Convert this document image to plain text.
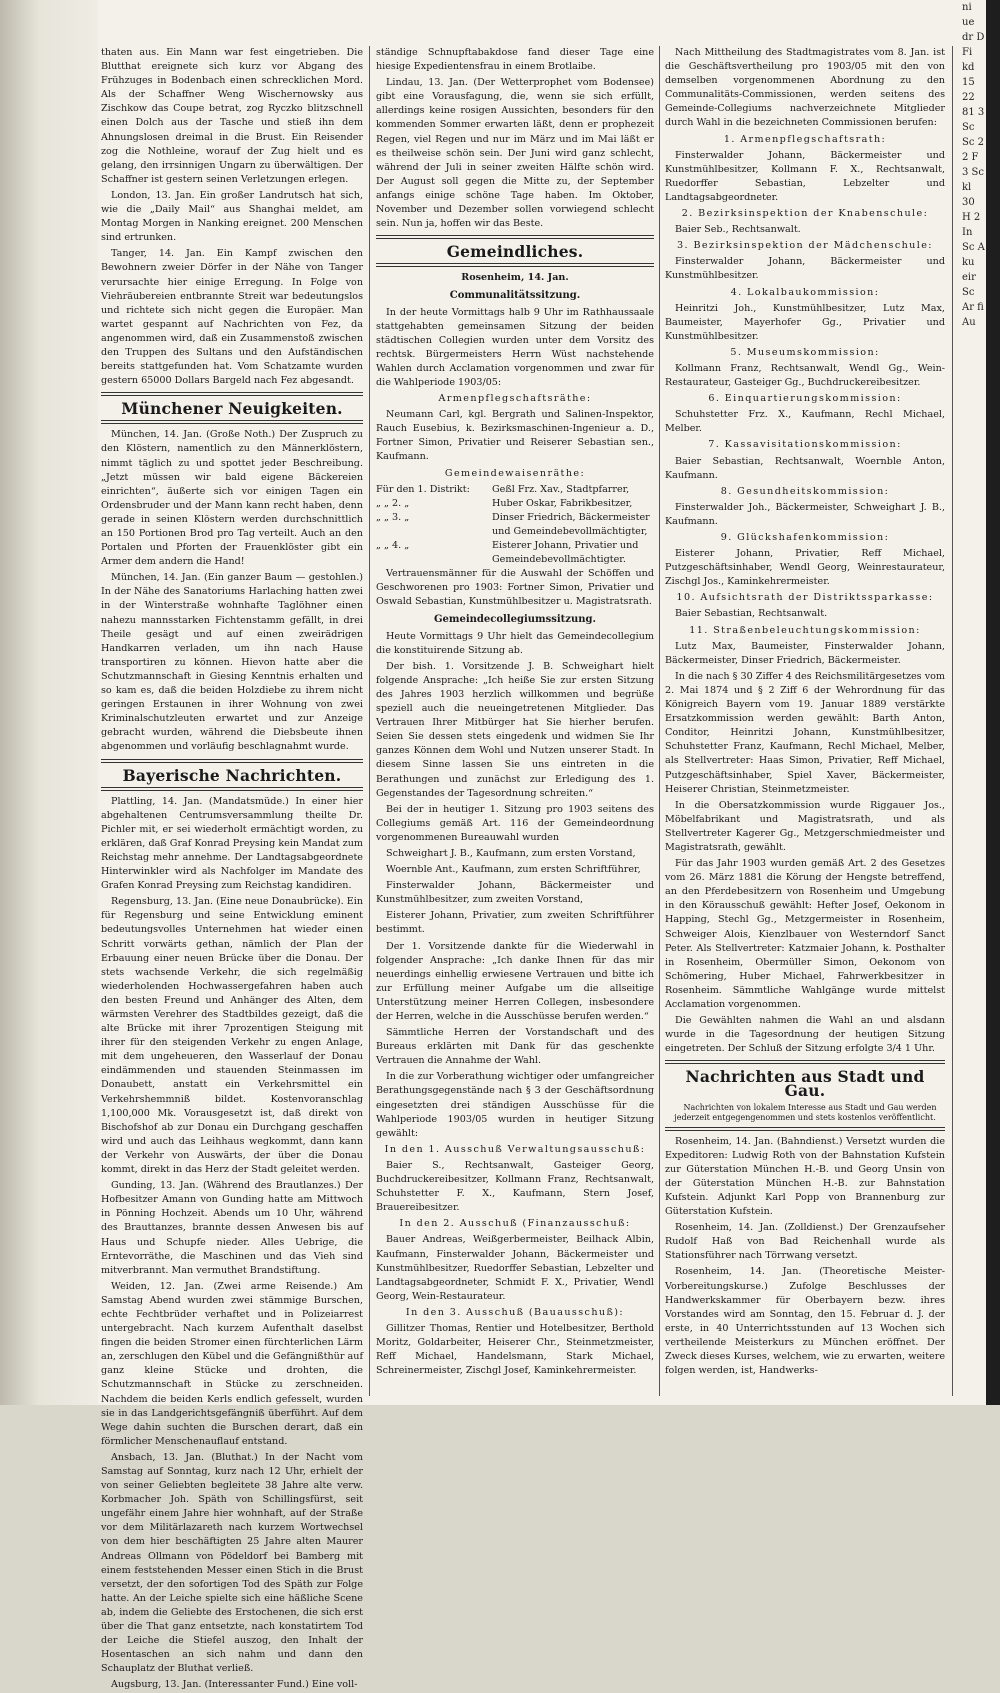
thaten aus. Ein Mann war fest eingetrieben. Die Blutthat ereignete sich kurz vor Abgang des Frühzuges in Bodenbach einen schrecklichen Mord. Als der Schaffner Weng Wischernowsky aus Zischkow das Coupe betrat, zog Ryczko blitzschnell einen Dolch aus der Tasche und stieß ihn dem Ahnungslosen dreimal in die Brust. Ein Reisender zog die Nothleine, worauf der Zug hielt und es gelang, den irrsinnigen Ungarn zu überwältigen. Der Schaffner ist gestern seinen Verletzungen erlegen.

London, 13. Jan. Ein großer Landrutsch hat sich, wie die „Daily Mail“ aus Shanghai meldet, am Montag Morgen in Nanking ereignet. 200 Menschen sind ertrunken.

Tanger, 14. Jan. Ein Kampf zwischen den Bewohnern zweier Dörfer in der Nähe von Tanger verursachte hier einige Erregung. In Folge von Viehräubereien entbrannte Streit war bedeutungslos und richtete sich nicht gegen die Europäer. Man wartet gespannt auf Nachrichten von Fez, da angenommen wird, daß ein Zusammenstoß zwischen den Truppen des Sultans und den Aufständischen bereits stattgefunden hat. Vom Schatzamte wurden gestern 65000 Dollars Bargeld nach Fez abgesandt.

Münchener Neuigkeiten.

München, 14. Jan. (Große Noth.) Der Zuspruch zu den Klöstern, namentlich zu den Männerklöstern, nimmt täglich zu und spottet jeder Beschreibung. „Jetzt müssen wir bald eigene Bäckereien einrichten“, äußerte sich vor einigen Tagen ein Ordensbruder und der Mann kann recht haben, denn gerade in seinen Klöstern werden durchschnittlich an 150 Portionen Brod pro Tag verteilt. Auch an den Portalen und Pforten der Frauenklöster gibt ein Armer dem andern die Hand!

München, 14. Jan. (Ein ganzer Baum — gestohlen.) In der Nähe des Sanatoriums Harlaching hatten zwei in der Winterstraße wohnhafte Taglöhner einen nahezu mannsstarken Fichtenstamm gefällt, in drei Theile gesägt und auf einen zweirädrigen Handkarren verladen, um ihn nach Hause transportiren zu können. Hievon hatte aber die Schutzmannschaft in Giesing Kenntnis erhalten und so kam es, daß die beiden Holzdiebe zu ihrem nicht geringen Erstaunen in ihrer Wohnung von zwei Kriminalschutzleuten erwartet und zur Anzeige gebracht wurden, während die Diebsbeute ihnen abgenommen und vorläufig beschlagnahmt wurde.

Bayerische Nachrichten.

Plattling, 14. Jan. (Mandatsmüde.) In einer hier abgehaltenen Centrumsversammlung theilte Dr. Pichler mit, er sei wiederholt ermächtigt worden, zu erklären, daß Graf Konrad Preysing kein Mandat zum Reichstag mehr annehme. Der Landtagsabgeordnete Hinterwinkler wird als Nachfolger im Mandate des Grafen Konrad Preysing zum Reichstag kandidiren.

Regensburg, 13. Jan. (Eine neue Donaubrücke). Ein für Regensburg und seine Entwicklung eminent bedeutungsvolles Unternehmen hat wieder einen Schritt vorwärts gethan, nämlich der Plan der Erbauung einer neuen Brücke über die Donau. Der stets wachsende Verkehr, die sich regelmäßig wiederholenden Hochwassergefahren haben auch den besten Freund und Anhänger des Alten, dem wärmsten Verehrer des Stadtbildes gezeigt, daß die alte Brücke mit ihrer 7prozentigen Steigung mit ihrer für den steigenden Verkehr zu engen Anlage, mit dem ungeheueren, den Wasserlauf der Donau eindämmenden und stauenden Steinmassen im Donaubett, anstatt ein Verkehrsmittel ein Verkehrshemmniß bildet. Kostenvoranschlag 1,100,000 Mk. Vorausgesetzt ist, daß direkt von Bischofshof ab zur Donau ein Durchgang geschaffen wird und auch das Leihhaus wegkommt, dann kann der Verkehr von Auswärts, der über die Donau kommt, direkt in das Herz der Stadt geleitet werden.

Gunding, 13. Jan. (Während des Brautlanzes.) Der Hofbesitzer Amann von Gunding hatte am Mittwoch in Pönning Hochzeit. Abends um 10 Uhr, während des Brauttanzes, brannte dessen Anwesen bis auf Haus und Schupfe nieder. Alles Uebrige, die Erntevorräthe, die Maschinen und das Vieh sind mitverbrannt. Man vermuthet Brandstiftung.

Weiden, 12. Jan. (Zwei arme Reisende.) Am Samstag Abend wurden zwei stämmige Burschen, echte Fechtbrüder verhaftet und in Polizeiarrest untergebracht. Nach kurzem Aufenthalt daselbst fingen die beiden Stromer einen fürchterlichen Lärm an, zerschlugen den Kübel und die Gefängnißthür auf ganz kleine Stücke und drohten, die Schutzmannschaft in Stücke zu zerschneiden. Nachdem die beiden Kerls endlich gefesselt, wurden sie in das Landgerichtsgefängniß überführt. Auf dem Wege dahin suchten die Burschen derart, daß ein förmlicher Menschenauflauf entstand.

Ansbach, 13. Jan. (Bluthat.) In der Nacht vom Samstag auf Sonntag, kurz nach 12 Uhr, erhielt der von seiner Geliebten begleitete 38 Jahre alte verw. Korbmacher Joh. Späth von Schillingsfürst, seit ungefähr einem Jahre hier wohnhaft, auf der Straße vor dem Militärlazareth nach kurzem Wortwechsel von dem hier beschäftigten 25 Jahre alten Maurer Andreas Ollmann von Pödeldorf bei Bamberg mit einem feststehenden Messer einen Stich in die Brust versetzt, der den sofortigen Tod des Späth zur Folge hatte. An der Leiche spielte sich eine häßliche Scene ab, indem die Geliebte des Erstochenen, die sich erst über die That ganz entsetzte, nach konstatirtem Tod der Leiche die Stiefel auszog, den Inhalt der Hosentaschen an sich nahm und dann den Schauplatz der Bluthat verließ.

Augsburg, 13. Jan. (Interessanter Fund.) Eine voll-

ständige Schnupftabakdose fand dieser Tage eine hiesige Expedientensfrau in einem Brotlaibe.

Lindau, 13. Jan. (Der Wetterprophet vom Bodensee) gibt eine Vorausfagung, die, wenn sie sich erfüllt, allerdings keine rosigen Aussichten, besonders für den kommenden Sommer erwarten läßt, denn er prophezeit Regen, viel Regen und nur im März und im Mai läßt er es theilweise schön sein. Der Juni wird ganz schlecht, während der Juli in seiner zweiten Hälfte schön wird. Der August soll gegen die Mitte zu, der September anfangs einige schöne Tage haben. Im Oktober, November und Dezember sollen vorwiegend schlecht sein. Nun ja, hoffen wir das Beste.

Gemeindliches.

Rosenheim, 14. Jan.

Communalitätssitzung.

In der heute Vormittags halb 9 Uhr im Rathhaussaale stattgehabten gemeinsamen Sitzung der beiden städtischen Collegien wurden unter dem Vorsitz des rechtsk. Bürgermeisters Herrn Wüst nachstehende Wahlen durch Acclamation vorgenommen und zwar für die Wahlperiode 1903/05:

Armenpflegschaftsräthe:

Neumann Carl, kgl. Bergrath und Salinen-Inspektor, Rauch Eusebius, k. Bezirksmaschinen-Ingenieur a. D., Fortner Simon, Privatier und Reiserer Sebastian sen., Kaufmann.

Gemeindewaisenräthe:

Für den 1. Distrikt:	Geßl Frz. Xav., Stadtpfarrer,
„ „ 2. „	Huber Oskar, Fabrikbesitzer,
„ „ 3. „	Dinser Friedrich, Bäckermeister und Gemeindebevollmächtigter,
„ „ 4. „	Eisterer Johann, Privatier und Gemeindebevollmächtigter.

Vertrauensmänner für die Auswahl der Schöffen und Geschworenen pro 1903: Fortner Simon, Privatier und Oswald Sebastian, Kunstmühlbesitzer u. Magistratsrath.

Gemeindecollegiumssitzung.

Heute Vormittags 9 Uhr hielt das Gemeindecollegium die konstituirende Sitzung ab.

Der bish. 1. Vorsitzende J. B. Schweighart hielt folgende Ansprache: „Ich heiße Sie zur ersten Sitzung des Jahres 1903 herzlich willkommen und begrüße speziell auch die neueingetretenen Mitglieder. Das Vertrauen Ihrer Mitbürger hat Sie hierher berufen. Seien Sie dessen stets eingedenk und widmen Sie Ihr ganzes Können dem Wohl und Nutzen unserer Stadt. In diesem Sinne lassen Sie uns eintreten in die Berathungen und zunächst zur Erledigung des 1. Gegenstandes der Tagesordnung schreiten.“

Bei der in heutiger 1. Sitzung pro 1903 seitens des Collegiums gemäß Art. 116 der Gemeindeordnung vorgenommenen Bureauwahl wurden

Schweighart J. B., Kaufmann, zum ersten Vorstand,

Woernble Ant., Kaufmann, zum ersten Schriftführer,

Finsterwalder Johann, Bäckermeister und Kunstmühlbesitzer, zum zweiten Vorstand,

Eisterer Johann, Privatier, zum zweiten Schriftführer bestimmt.

Der 1. Vorsitzende dankte für die Wiederwahl in folgender Ansprache: „Ich danke Ihnen für das mir neuerdings einhellig erwiesene Vertrauen und bitte ich zur Erfüllung meiner Aufgabe um die allseitige Unterstützung meiner Herren Collegen, insbesondere der Herren, welche in die Ausschüsse berufen werden.“

Sämmtliche Herren der Vorstandschaft und des Bureaus erklärten mit Dank für das geschenkte Vertrauen die Annahme der Wahl.

In die zur Vorberathung wichtiger oder umfangreicher Berathungsgegenstände nach § 3 der Geschäftsordnung eingesetzten drei ständigen Ausschüsse für die Wahlperiode 1903/05 wurden in heutiger Sitzung gewählt:

In den 1. Ausschuß Verwaltungsausschuß:

Baier S., Rechtsanwalt, Gasteiger Georg, Buchdruckereibesitzer, Kollmann Franz, Rechtsanwalt, Schuhstetter F. X., Kaufmann, Stern Josef, Brauereibesitzer.

In den 2. Ausschuß (Finanzausschuß:

Bauer Andreas, Weißgerbermeister, Beilhack Albin, Kaufmann, Finsterwalder Johann, Bäckermeister und Kunstmühlbesitzer, Ruedorffer Sebastian, Lebzelter und Landtagsabgeordneter, Schmidt F. X., Privatier, Wendl Georg, Wein-Restaurateur.

In den 3. Ausschuß (Bauausschuß):

Gillitzer Thomas, Rentier und Hotelbesitzer, Berthold Moritz, Goldarbeiter, Heiserer Chr., Steinmetzmeister, Reff Michael, Handelsmann, Stark Michael, Schreinermeister, Zischgl Josef, Kaminkehrermeister.

Nach Mittheilung des Stadtmagistrates vom 8. Jan. ist die Geschäftsvertheilung pro 1903/05 mit den von demselben vorgenommenen Abordnung zu den Communalitäts-Commissionen, werden seitens des Gemeinde-Collegiums nachverzeichnete Mitglieder durch Wahl in die bezeichneten Commissionen berufen:

1. Armenpflegschaftsrath:

Finsterwalder Johann, Bäckermeister und Kunstmühlbesitzer, Kollmann F. X., Rechtsanwalt, Ruedorffer Sebastian, Lebzelter und Landtagsabgeordneter.

2. Bezirksinspektion der Knabenschule:

Baier Seb., Rechtsanwalt.

3. Bezirksinspektion der Mädchenschule:

Finsterwalder Johann, Bäckermeister und Kunstmühlbesitzer.

4. Lokalbaukommission:

Heinritzi Joh., Kunstmühlbesitzer, Lutz Max, Baumeister, Mayerhofer Gg., Privatier und Kunstmühlbesitzer.

5. Museumskommission:

Kollmann Franz, Rechtsanwalt, Wendl Gg., Wein-Restaurateur, Gasteiger Gg., Buchdruckereibesitzer.

6. Einquartierungskommission:

Schuhstetter Frz. X., Kaufmann, Rechl Michael, Melber.

7. Kassavisitationskommission:

Baier Sebastian, Rechtsanwalt, Woernble Anton, Kaufmann.

8. Gesundheitskommission:

Finsterwalder Joh., Bäckermeister, Schweighart J. B., Kaufmann.

9. Glückshafenkommission:

Eisterer Johann, Privatier, Reff Michael, Putzgeschäftsinhaber, Wendl Georg, Weinrestaurateur, Zischgl Jos., Kaminkehrermeister.

10. Aufsichtsrath der Distriktssparkasse:

Baier Sebastian, Rechtsanwalt.

11. Straßenbeleuchtungskommission:

Lutz Max, Baumeister, Finsterwalder Johann, Bäckermeister, Dinser Friedrich, Bäckermeister.

In die nach § 30 Ziffer 4 des Reichsmilitärgesetzes vom 2. Mai 1874 und § 2 Ziff 6 der Wehrordnung für das Königreich Bayern vom 19. Januar 1889 verstärkte Ersatzkommission werden gewählt: Barth Anton, Conditor, Heinritzi Johann, Kunstmühlbesitzer, Schuhstetter Franz, Kaufmann, Rechl Michael, Melber, als Stellvertreter: Haas Simon, Privatier, Reff Michael, Putzgeschäftsinhaber, Spiel Xaver, Bäckermeister, Heiserer Christian, Steinmetzmeister.

In die Obersatzkommission wurde Riggauer Jos., Möbelfabrikant und Magistratsrath, und als Stellvertreter Kagerer Gg., Metzgerschmiedmeister und Magistratsrath, gewählt.

Für das Jahr 1903 wurden gemäß Art. 2 des Gesetzes vom 26. März 1881 die Körung der Hengste betreffend, an den Pferdebesitzern von Rosenheim und Umgebung in den Körausschuß gewählt: Hefter Josef, Oekonom in Happing, Stechl Gg., Metzgermeister in Rosenheim, Schweiger Alois, Kienzlbauer von Westerndorf Sanct Peter. Als Stellvertreter: Katzmaier Johann, k. Posthalter in Rosenheim, Obermüller Simon, Oekonom von Schömering, Huber Michael, Fahrwerkbesitzer in Rosenheim. Sämmtliche Wahlgänge wurde mittelst Acclamation vorgenommen.

Die Gewählten nahmen die Wahl an und alsdann wurde in die Tagesordnung der heutigen Sitzung eingetreten. Der Schluß der Sitzung erfolgte 3/4 1 Uhr.

Nachrichten aus Stadt und Gau.

Nachrichten von lokalem Interesse aus Stadt und Gau werden jederzeit entgegengenommen und stets kostenlos veröffentlicht.

Rosenheim, 14. Jan. (Bahndienst.) Versetzt wurden die Expeditoren: Ludwig Roth von der Bahnstation Kufstein zur Güterstation München H.-B. und Georg Unsin von der Güterstation München H.-B. zur Bahnstation Kufstein. Adjunkt Karl Popp von Brannenburg zur Güterstation Kufstein.

Rosenheim, 14. Jan. (Zolldienst.) Der Grenzaufseher Rudolf Haß von Bad Reichenhall wurde als Stationsführer nach Törrwang versetzt.

Rosenheim, 14. Jan. (Theoretische Meister-Vorbereitungskurse.) Zufolge Beschlusses der Handwerkskammer für Oberbayern bezw. ihres Vorstandes wird am Sonntag, den 15. Februar d. J. der erste, in 40 Unterrichtsstunden auf 13 Wochen sich vertheilende Meisterkurs zu München eröffnet. Der Zweck dieses Kurses, welchem, wie zu erwarten, weitere folgen werden, ist, Handwerks-

ni ue dr D Fi kd 15 22 81 3 Sc Sc 2 2 F 3 Sc kl 30 H 2 In Sc A ku eir Sc Ar fi Au
